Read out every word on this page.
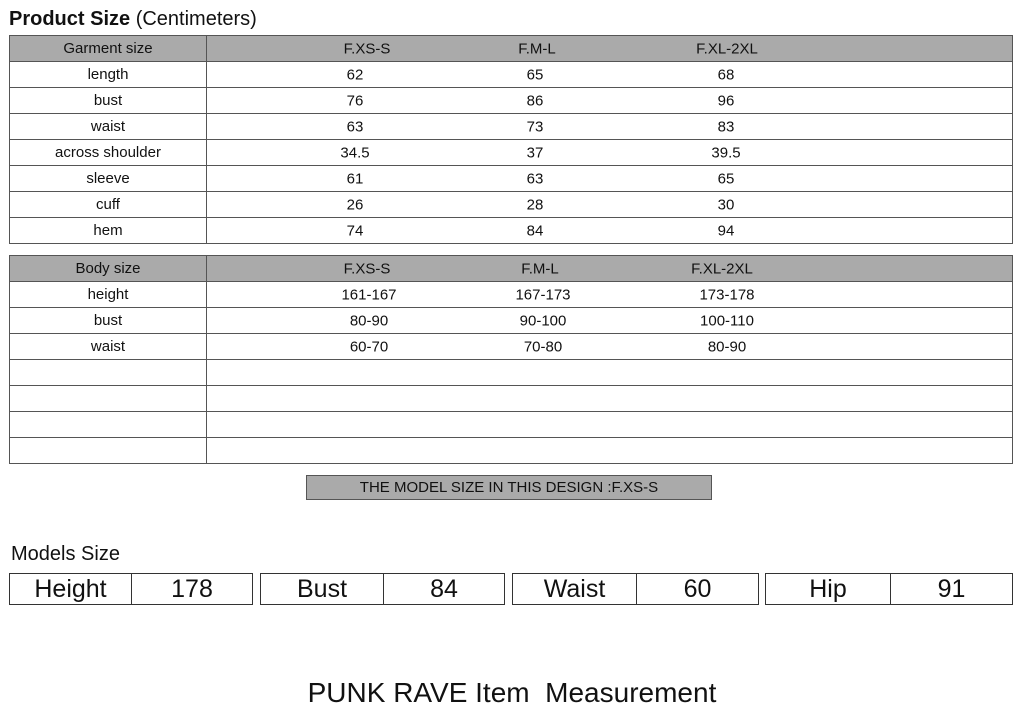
Product Size (Centimeters)
Garment size	F.XS-S F.M-L F.XL-2XL

length	62 65 68

bust	76 86 96

waist	63 73 83

across shoulder	34.5 37 39.5

sleeve	61 63 65

cuff	26 28 30

hem	74 84 94
Body size	F.XS-S F.M-L F.XL-2XL

height	161-167 167-173 173-178

bust	80-90 90-100 100-110

waist	60-70 70-80 80-90

THE MODEL SIZE IN THIS DESIGN :F.XS-S
Models Size
Height	178	Bust	84	Waist	60	Hip	91
PUNK RAVE Item  Measurement
